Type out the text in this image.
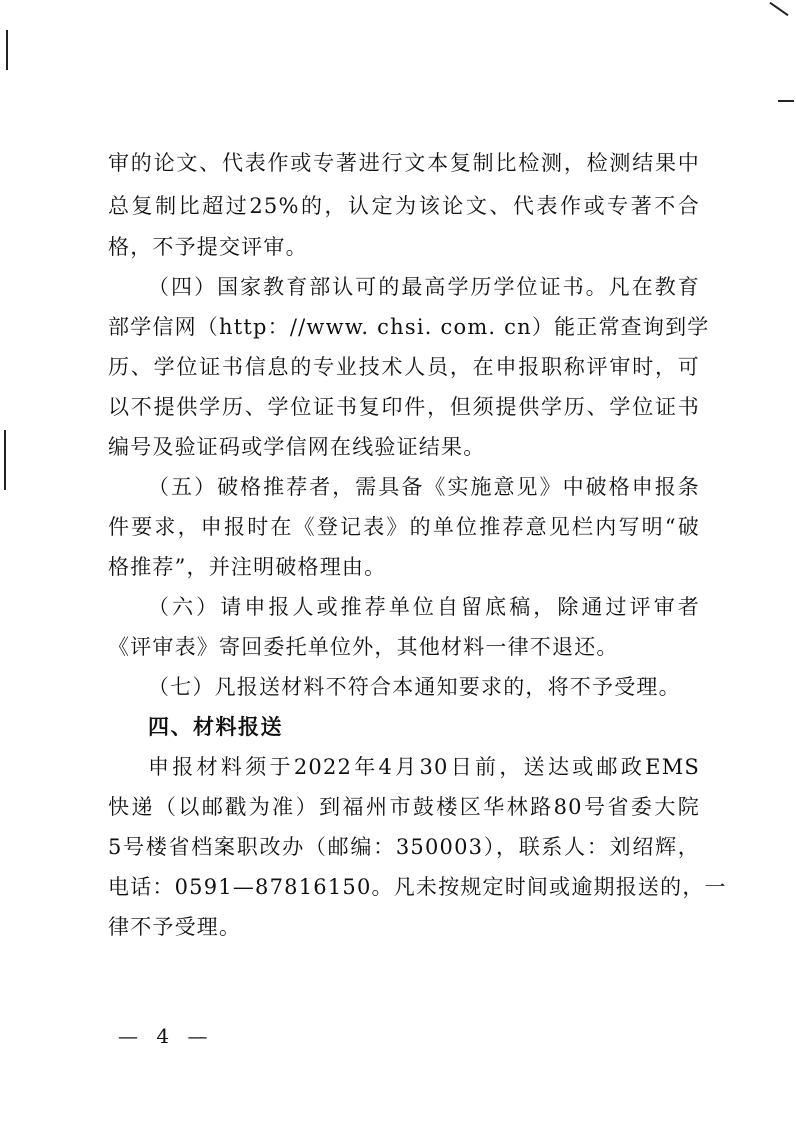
审的论文、代表作或专著进行文本复制比检测，检测结果中
总复制比超过25%的，认定为该论文、代表作或专著不合
格，不予提交评审。
（四）国家教育部认可的最高学历学位证书。凡在教育
部学信网（http：//www. chsi. com. cn）能正常查询到学
历、学位证书信息的专业技术人员，在申报职称评审时，可
以不提供学历、学位证书复印件，但须提供学历、学位证书
编号及验证码或学信网在线验证结果。
（五）破格推荐者，需具备《实施意见》中破格申报条
件要求，申报时在《登记表》的单位推荐意见栏内写明“破
格推荐”，并注明破格理由。
（六）请申报人或推荐单位自留底稿，除通过评审者
《评审表》寄回委托单位外，其他材料一律不退还。
（七）凡报送材料不符合本通知要求的，将不予受理。
四、材料报送
申报材料须于2022年4月30日前，送达或邮政EMS
快递（以邮戳为准）到福州市鼓楼区华林路80号省委大院
5号楼省档案职改办（邮编：350003），联系人：刘绍辉，
电话：0591—87816150。凡未按规定时间或逾期报送的，一
律不予受理。
— 4 —
